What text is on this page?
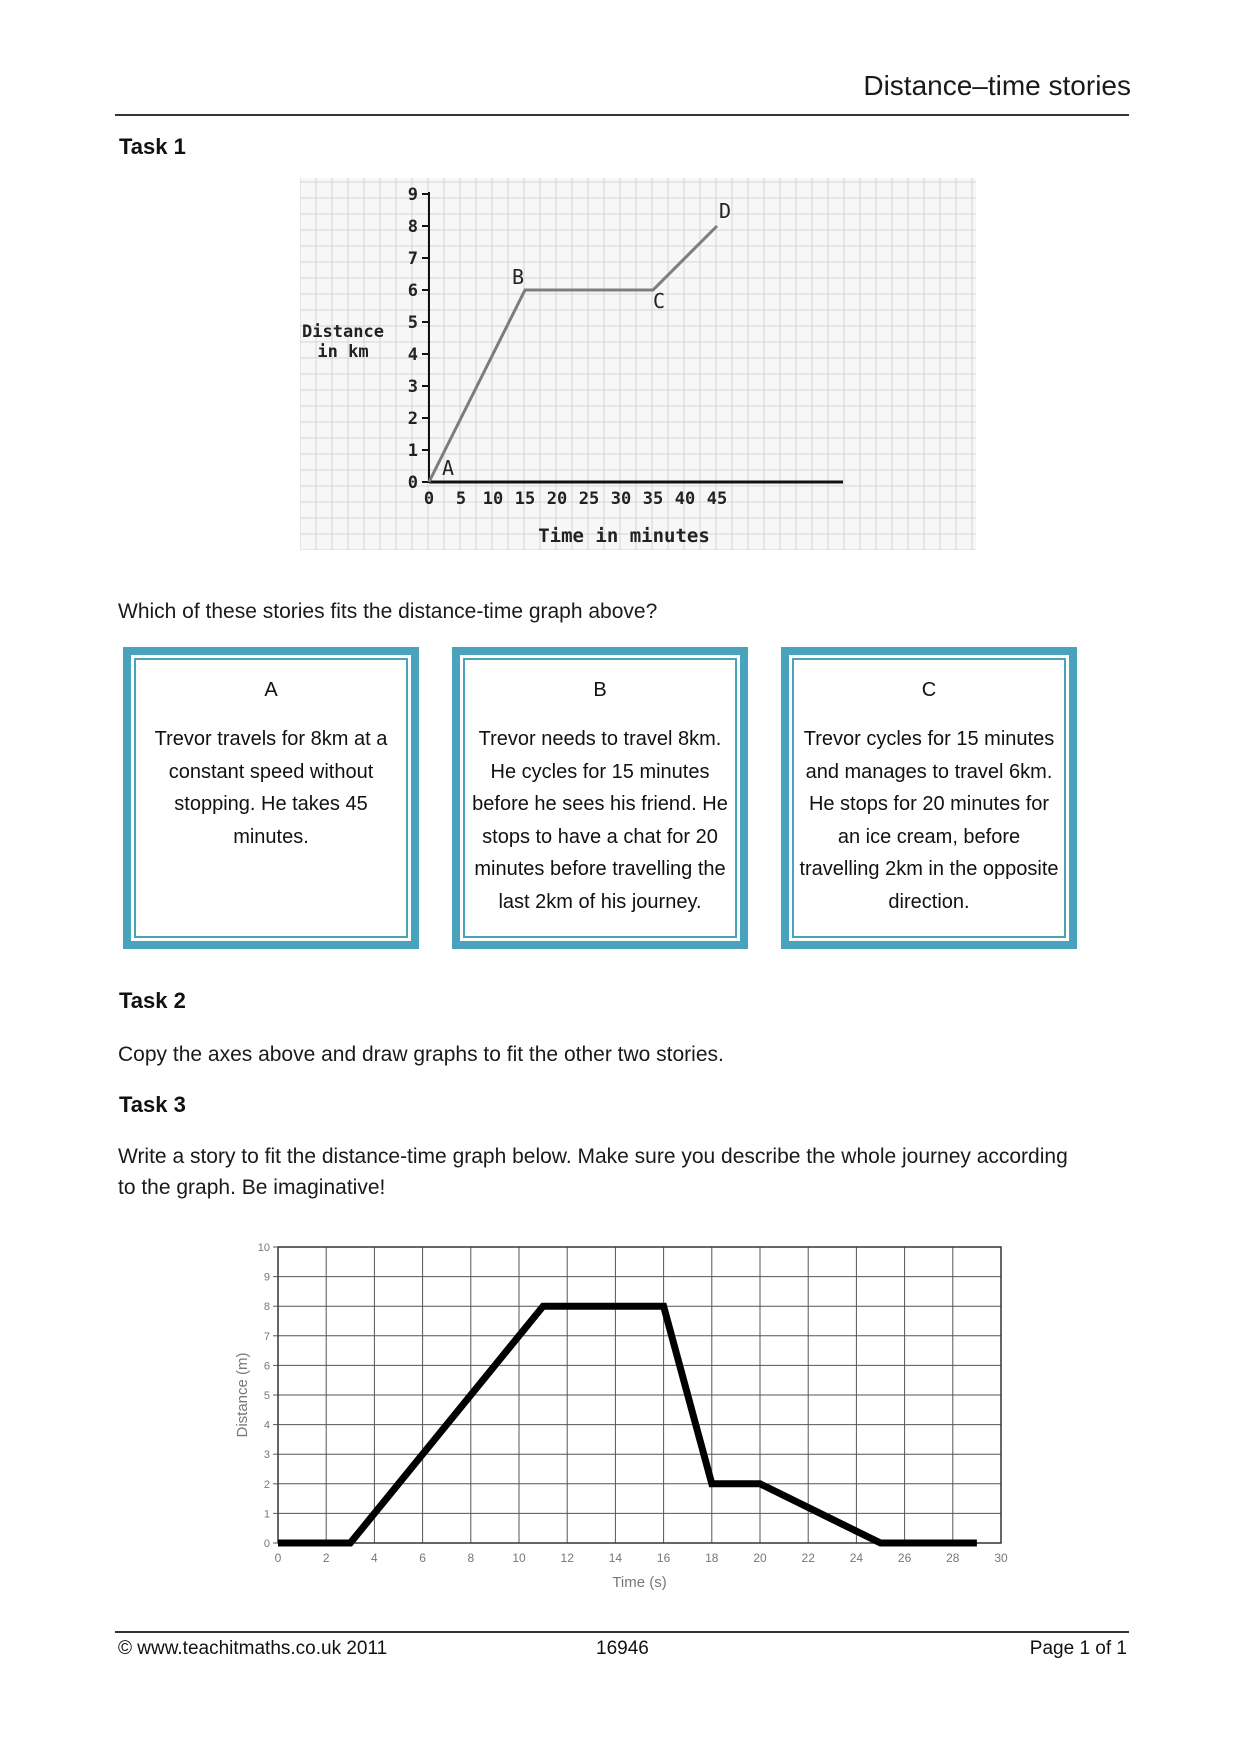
Distance–time stories
Task 1
0
1
2
3
4
5
6
7
8
9
0 5 10 15 20 25 30 35 40 45
Distance
in km
Time in minutes
A
B
C
D
Which of these stories fits the distance-time graph above?
A
Trevor travels for 8km at a constant speed without stopping. He takes 45 minutes.
B
Trevor needs to travel 8km. He cycles for 15 minutes before he sees his friend. He stops to have a chat for 20 minutes before travelling the last 2km of his journey.
C
Trevor cycles for 15 minutes and manages to travel 6km. He stops for 20 minutes for an ice cream, before travelling 2km in the opposite direction.
Task 2
Copy the axes above and draw graphs to fit the other two stories.
Task 3
Write a story to fit the distance-time graph below. Make sure you describe the whole journey according
to the graph. Be imaginative!
0
1
2
3
4
5
6
7
8
9
10
0	2	4	6	8	10	12	14	16	18	20	22	24	26	28	30
Time (s)
Distance (m)
© www.teachitmaths.co.uk 2011	16946	Page 1 of 1
